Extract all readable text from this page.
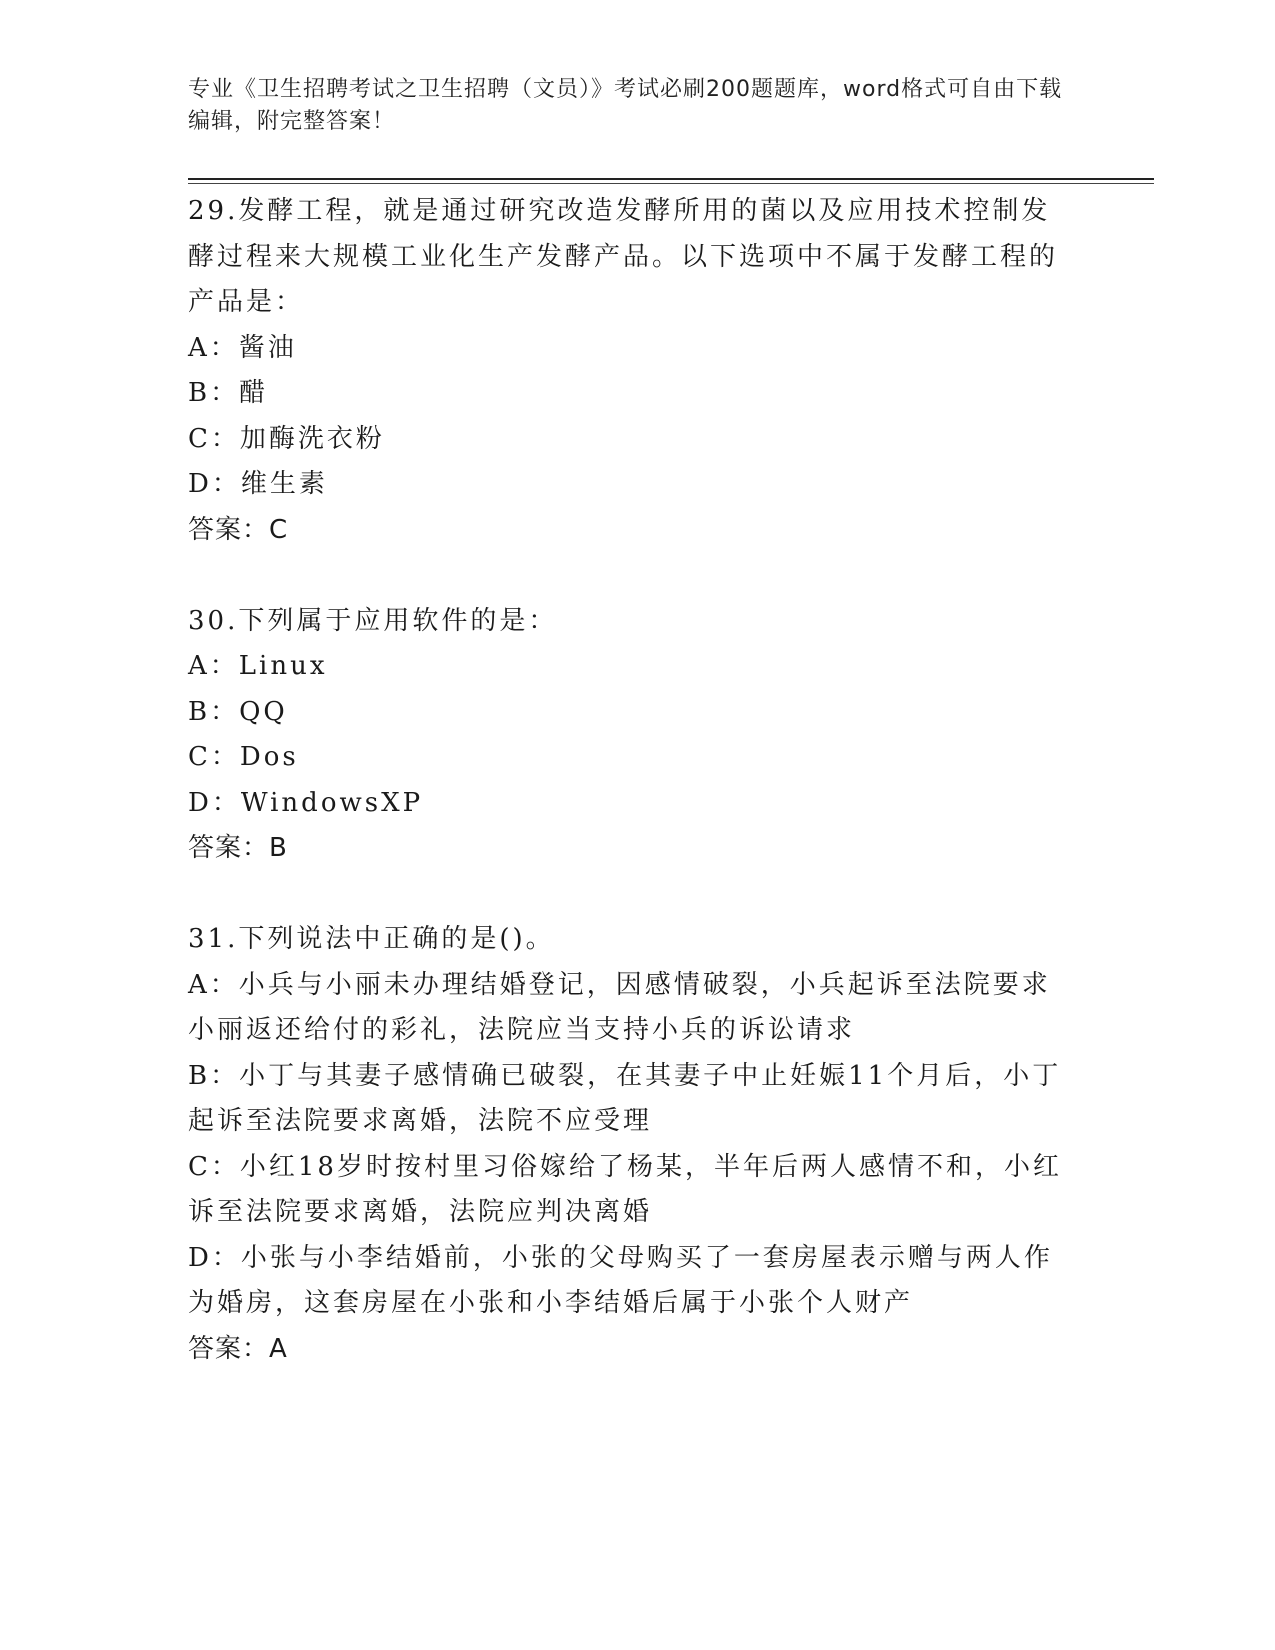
专业《卫生招聘考试之卫生招聘（文员）》考试必刷200题题库，word格式可自由下载编辑，附完整答案！
29.发酵工程，就是通过研究改造发酵所用的菌以及应用技术控制发酵过程来大规模工业化生产发酵产品。以下选项中不属于发酵工程的产品是：
A：酱油
B：醋
C：加酶洗衣粉
D：维生素
答案：C
30.下列属于应用软件的是：
A：Linux
B：QQ
C：Dos
D：WindowsXP
答案：B
31.下列说法中正确的是()。
A：小兵与小丽未办理结婚登记，因感情破裂，小兵起诉至法院要求小丽返还给付的彩礼，法院应当支持小兵的诉讼请求
B：小丁与其妻子感情确已破裂，在其妻子中止妊娠11个月后，小丁起诉至法院要求离婚，法院不应受理
C：小红18岁时按村里习俗嫁给了杨某，半年后两人感情不和，小红诉至法院要求离婚，法院应判决离婚
D：小张与小李结婚前，小张的父母购买了一套房屋表示赠与两人作为婚房，这套房屋在小张和小李结婚后属于小张个人财产
答案：A
